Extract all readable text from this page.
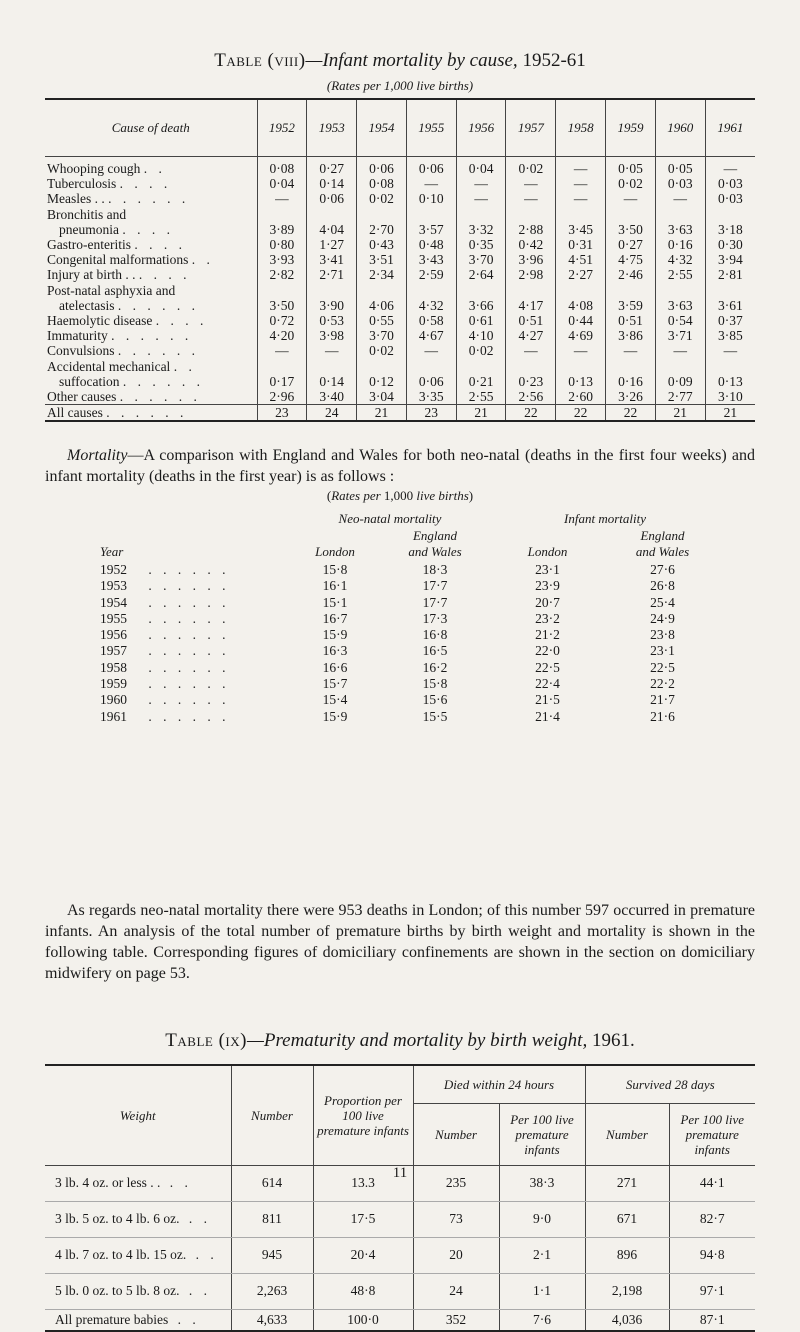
Table (viii)—Infant mortality by cause, 1952-61
(Rates per 1,000 live births)
Cause of death	1952	1953	1954	1955	1956	1957	1958	1959	1960	1961
Whooping cough . .	0·08	0·27	0·06	0·06	0·04	0·02	—	0·05	0·05	—
Tuberculosis . . . .	0·04	0·14	0·08	—	—	—	—	0·02	0·03	0·03
Measles . . . . . . . .	—	0·06	0·02	0·10	—	—	—	—	—	0·03
Bronchitis and										
pneumonia . . . .	3·89	4·04	2·70	3·57	3·32	2·88	3·45	3·50	3·63	3·18
Gastro-enteritis . . . .	0·80	1·27	0·43	0·48	0·35	0·42	0·31	0·27	0·16	0·30
Congenital malformations . .	3·93	3·41	3·51	3·43	3·70	3·96	4·51	4·75	4·32	3·94
Injury at birth . . . . . .	2·82	2·71	2·34	2·59	2·64	2·98	2·27	2·46	2·55	2·81
Post-natal asphyxia and										
atelectasis . . . . . .	3·50	3·90	4·06	4·32	3·66	4·17	4·08	3·59	3·63	3·61
Haemolytic disease . . . .	0·72	0·53	0·55	0·58	0·61	0·51	0·44	0·51	0·54	0·37
Immaturity . . . . . .	4·20	3·98	3·70	4·67	4·10	4·27	4·69	3·86	3·71	3·85
Convulsions . . . . . .	—	—	0·02	—	0·02	—	—	—	—	—
Accidental mechanical . .										
suffocation . . . . . .	0·17	0·14	0·12	0·06	0·21	0·23	0·13	0·16	0·09	0·13
Other causes . . . . . .	2·96	3·40	3·04	3·35	2·55	2·56	2·60	3·26	2·77	3·10
All causes . . . . . .	23	24	21	23	21	22	22	22	21	21
Mortality—A comparison with England and Wales for both neo-natal (deaths in the first four weeks) and infant mortality (deaths in the first year) is as follows :
(Rates per 1,000 live births)
	Neo-natal mortality		Infant mortality	
		England		England
Year	London	and Wales	London	and Wales
1952 . . . . . .	15·8	18·3	23·1	27·6
1953 . . . . . .	16·1	17·7	23·9	26·8
1954 . . . . . .	15·1	17·7	20·7	25·4
1955 . . . . . .	16·7	17·3	23·2	24·9
1956 . . . . . .	15·9	16·8	21·2	23·8
1957 . . . . . .	16·3	16·5	22·0	23·1
1958 . . . . . .	16·6	16·2	22·5	22·5
1959 . . . . . .	15·7	15·8	22·4	22·2
1960 . . . . . .	15·4	15·6	21·5	21·7
1961 . . . . . .	15·9	15·5	21·4	21·6
As regards neo-natal mortality there were 953 deaths in London; of this number 597 occurred in premature infants. An analysis of the total number of premature births by birth weight and mortality is shown in the following table. Corresponding figures of domiciliary confinements are shown in the section on domiciliary midwifery on page 53.
Table (ix)—Prematurity and mortality by birth weight, 1961.
Weight	Number	Proportion per 100 live premature infants	Died within 24 hours		Survived 28 days	
			Number	Per 100 live premature infants	Number	Per 100 live premature infants
3 lb. 4 oz. or less . . . .	614	13.3	235	38·3	271	44·1
3 lb. 5 oz. to 4 lb. 6 oz. . .	811	17·5	73	9·0	671	82·7
4 lb. 7 oz. to 4 lb. 15 oz. . .	945	20·4	20	2·1	896	94·8
5 lb. 0 oz. to 5 lb. 8 oz. . .	2,263	48·8	24	1·1	2,198	97·1
All premature babies . .	4,633	100·0	352	7·6	4,036	87·1
11
